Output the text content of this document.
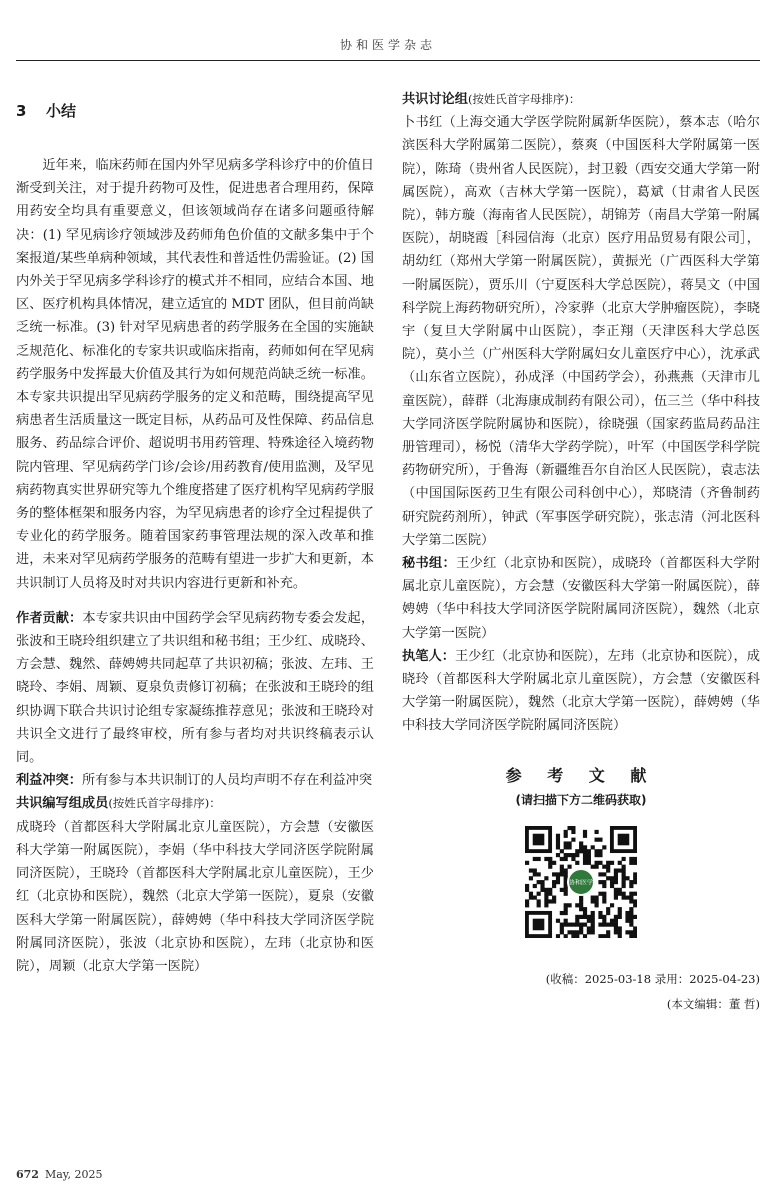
协和医学杂志
3 小结

近年来，临床药师在国内外罕见病多学科诊疗中的价值日渐受到关注，对于提升药物可及性，促进患者合理用药，保障用药安全均具有重要意义，但该领域尚存在诸多问题亟待解决：(1) 罕见病诊疗领域涉及药师角色价值的文献多集中于个案报道/某些单病种领域，其代表性和普适性仍需验证。(2) 国内外关于罕见病多学科诊疗的模式并不相同，应结合本国、地区、医疗机构具体情况，建立适宜的 MDT 团队，但目前尚缺乏统一标准。(3) 针对罕见病患者的药学服务在全国的实施缺乏规范化、标准化的专家共识或临床指南，药师如何在罕见病药学服务中发挥最大价值及其行为如何规范尚缺乏统一标准。本专家共识提出罕见病药学服务的定义和范畴，围绕提高罕见病患者生活质量这一既定目标，从药品可及性保障、药品信息服务、药品综合评价、超说明书用药管理、特殊途径入境药物院内管理、罕见病药学门诊/会诊/用药教育/使用监测，及罕见病药物真实世界研究等九个维度搭建了医疗机构罕见病药学服务的整体框架和服务内容，为罕见病患者的诊疗全过程提供了专业化的药学服务。随着国家药事管理法规的深入改革和推进，未来对罕见病药学服务的范畴有望进一步扩大和更新，本共识制订人员将及时对共识内容进行更新和补充。

作者贡献：本专家共识由中国药学会罕见病药物专委会发起，张波和王晓玲组织建立了共识组和秘书组；王少红、成晓玲、方会慧、魏然、薛娉娉共同起草了共识初稿；张波、左玮、王晓玲、李娟、周颖、夏泉负责修订初稿；在张波和王晓玲的组织协调下联合共识讨论组专家凝练推荐意见；张波和王晓玲对共识全文进行了最终审校，所有参与者均对共识终稿表示认同。

利益冲突：所有参与本共识制订的人员均声明不存在利益冲突

共识编写组成员(按姓氏首字母排序)：
成晓玲（首都医科大学附属北京儿童医院），方会慧（安徽医科大学第一附属医院），李娟（华中科技大学同济医学院附属同济医院），王晓玲（首都医科大学附属北京儿童医院），王少红（北京协和医院），魏然（北京大学第一医院），夏泉（安徽医科大学第一附属医院），薛娉娉（华中科技大学同济医学院附属同济医院），张波（北京协和医院），左玮（北京协和医院），周颖（北京大学第一医院）

共识讨论组(按姓氏首字母排序)：
卜书红（上海交通大学医学院附属新华医院），蔡本志（哈尔滨医科大学附属第二医院），蔡爽（中国医科大学附属第一医院），陈琦（贵州省人民医院），封卫毅（西安交通大学第一附属医院），高欢（吉林大学第一医院），葛斌（甘肃省人民医院），韩方璇（海南省人民医院），胡锦芳（南昌大学第一附属医院），胡晓霞［科园信海（北京）医疗用品贸易有限公司］，胡幼红（郑州大学第一附属医院），黄振光（广西医科大学第一附属医院），贾乐川（宁夏医科大学总医院），蒋昊文（中国科学院上海药物研究所），冷家骅（北京大学肿瘤医院），李晓宇（复旦大学附属中山医院），李正翔（天津医科大学总医院），莫小兰（广州医科大学附属妇女儿童医疗中心），沈承武（山东省立医院），孙成泽（中国药学会），孙燕燕（天津市儿童医院），薛群（北海康成制药有限公司），伍三兰（华中科技大学同济医学院附属协和医院），徐晓强（国家药监局药品注册管理司），杨悦（清华大学药学院），叶军（中国医学科学院药物研究所），于鲁海（新疆维吾尔自治区人民医院），袁志法（中国国际医药卫生有限公司科创中心），郑晓清（齐鲁制药研究院药剂所），钟武（军事医学研究院），张志清（河北医科大学第二医院）

秘书组：王少红（北京协和医院），成晓玲（首都医科大学附属北京儿童医院），方会慧（安徽医科大学第一附属医院），薛娉娉（华中科技大学同济医学院附属同济医院），魏然（北京大学第一医院）

执笔人：王少红（北京协和医院），左玮（北京协和医院），成晓玲（首都医科大学附属北京儿童医院），方会慧（安徽医科大学第一附属医院），魏然（北京大学第一医院），薛娉娉（华中科技大学同济医学院附属同济医院）

参 考 文 献
(请扫描下方二维码获取)
协和医学
(收稿：2025-03-18 录用：2025-04-23)
(本文编辑：董 哲)
672 May, 2025
